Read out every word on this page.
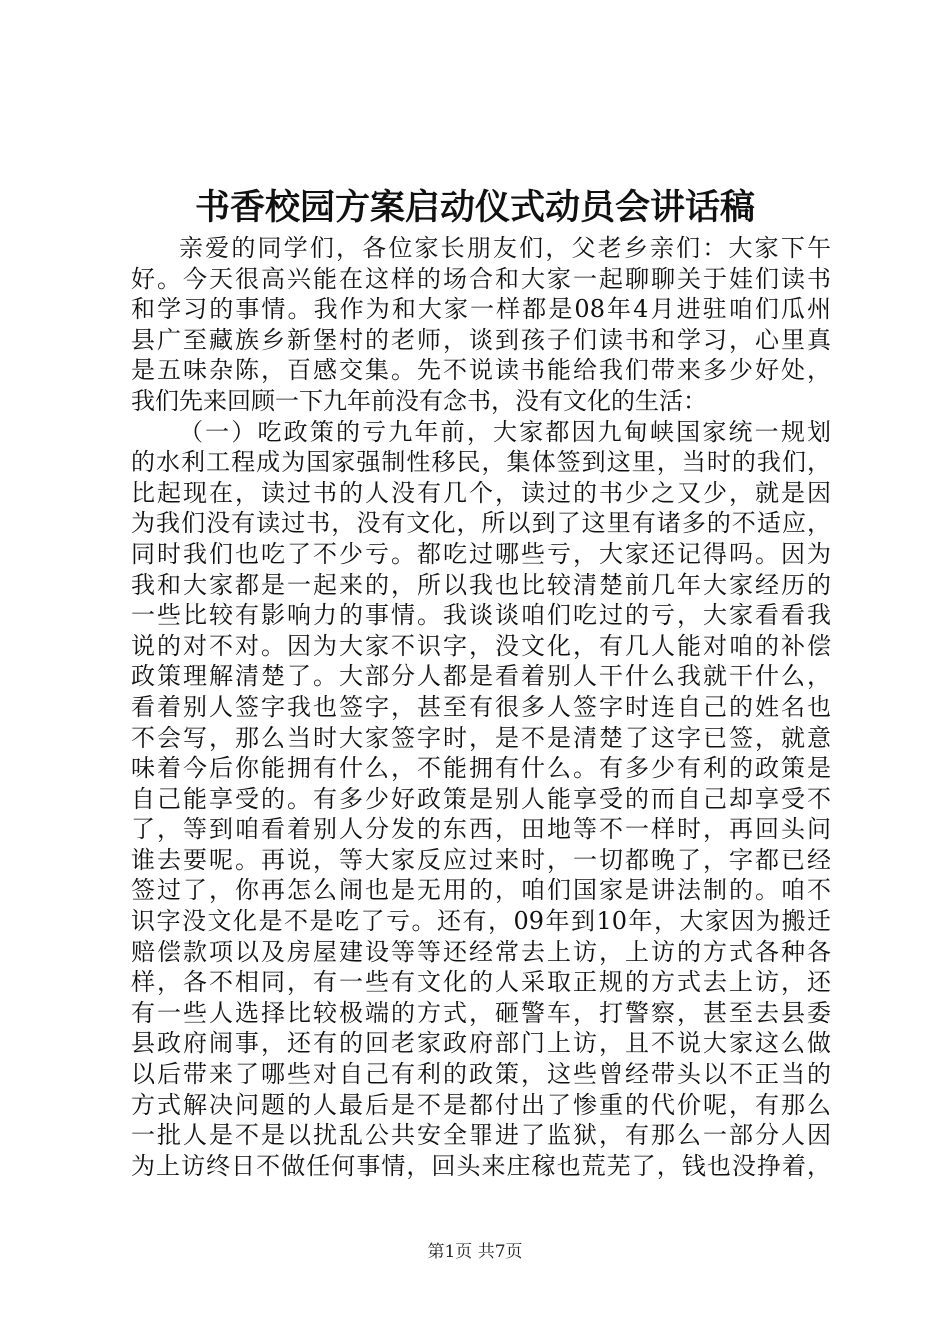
书香校园方案启动仪式动员会讲话稿
亲爱的同学们，各位家长朋友们，父老乡亲们：大家下午
好。今天很高兴能在这样的场合和大家一起聊聊关于娃们读书
和学习的事情。我作为和大家一样都是08年4月进驻咱们瓜州
县广至藏族乡新堡村的老师，谈到孩子们读书和学习，心里真
是五味杂陈，百感交集。先不说读书能给我们带来多少好处，
我们先来回顾一下九年前没有念书，没有文化的生活：
（一）吃政策的亏九年前，大家都因九甸峡国家统一规划
的水利工程成为国家强制性移民，集体签到这里，当时的我们，
比起现在，读过书的人没有几个，读过的书少之又少，就是因
为我们没有读过书，没有文化，所以到了这里有诸多的不适应，
同时我们也吃了不少亏。都吃过哪些亏，大家还记得吗。因为
我和大家都是一起来的，所以我也比较清楚前几年大家经历的
一些比较有影响力的事情。我谈谈咱们吃过的亏，大家看看我
说的对不对。因为大家不识字，没文化，有几人能对咱的补偿
政策理解清楚了。大部分人都是看着别人干什么我就干什么，
看着别人签字我也签字，甚至有很多人签字时连自己的姓名也
不会写，那么当时大家签字时，是不是清楚了这字已签，就意
味着今后你能拥有什么，不能拥有什么。有多少有利的政策是
自己能享受的。有多少好政策是别人能享受的而自己却享受不
了，等到咱看着别人分发的东西，田地等不一样时，再回头问
谁去要呢。再说，等大家反应过来时，一切都晚了，字都已经
签过了，你再怎么闹也是无用的，咱们国家是讲法制的。咱不
识字没文化是不是吃了亏。还有，09年到10年，大家因为搬迁
赔偿款项以及房屋建设等等还经常去上访，上访的方式各种各
样，各不相同，有一些有文化的人采取正规的方式去上访，还
有一些人选择比较极端的方式，砸警车，打警察，甚至去县委
县政府闹事，还有的回老家政府部门上访，且不说大家这么做
以后带来了哪些对自己有利的政策，这些曾经带头以不正当的
方式解决问题的人最后是不是都付出了惨重的代价呢，有那么
一批人是不是以扰乱公共安全罪进了监狱，有那么一部分人因
为上访终日不做任何事情，回头来庄稼也荒芜了，钱也没挣着，
第1页 共7页
